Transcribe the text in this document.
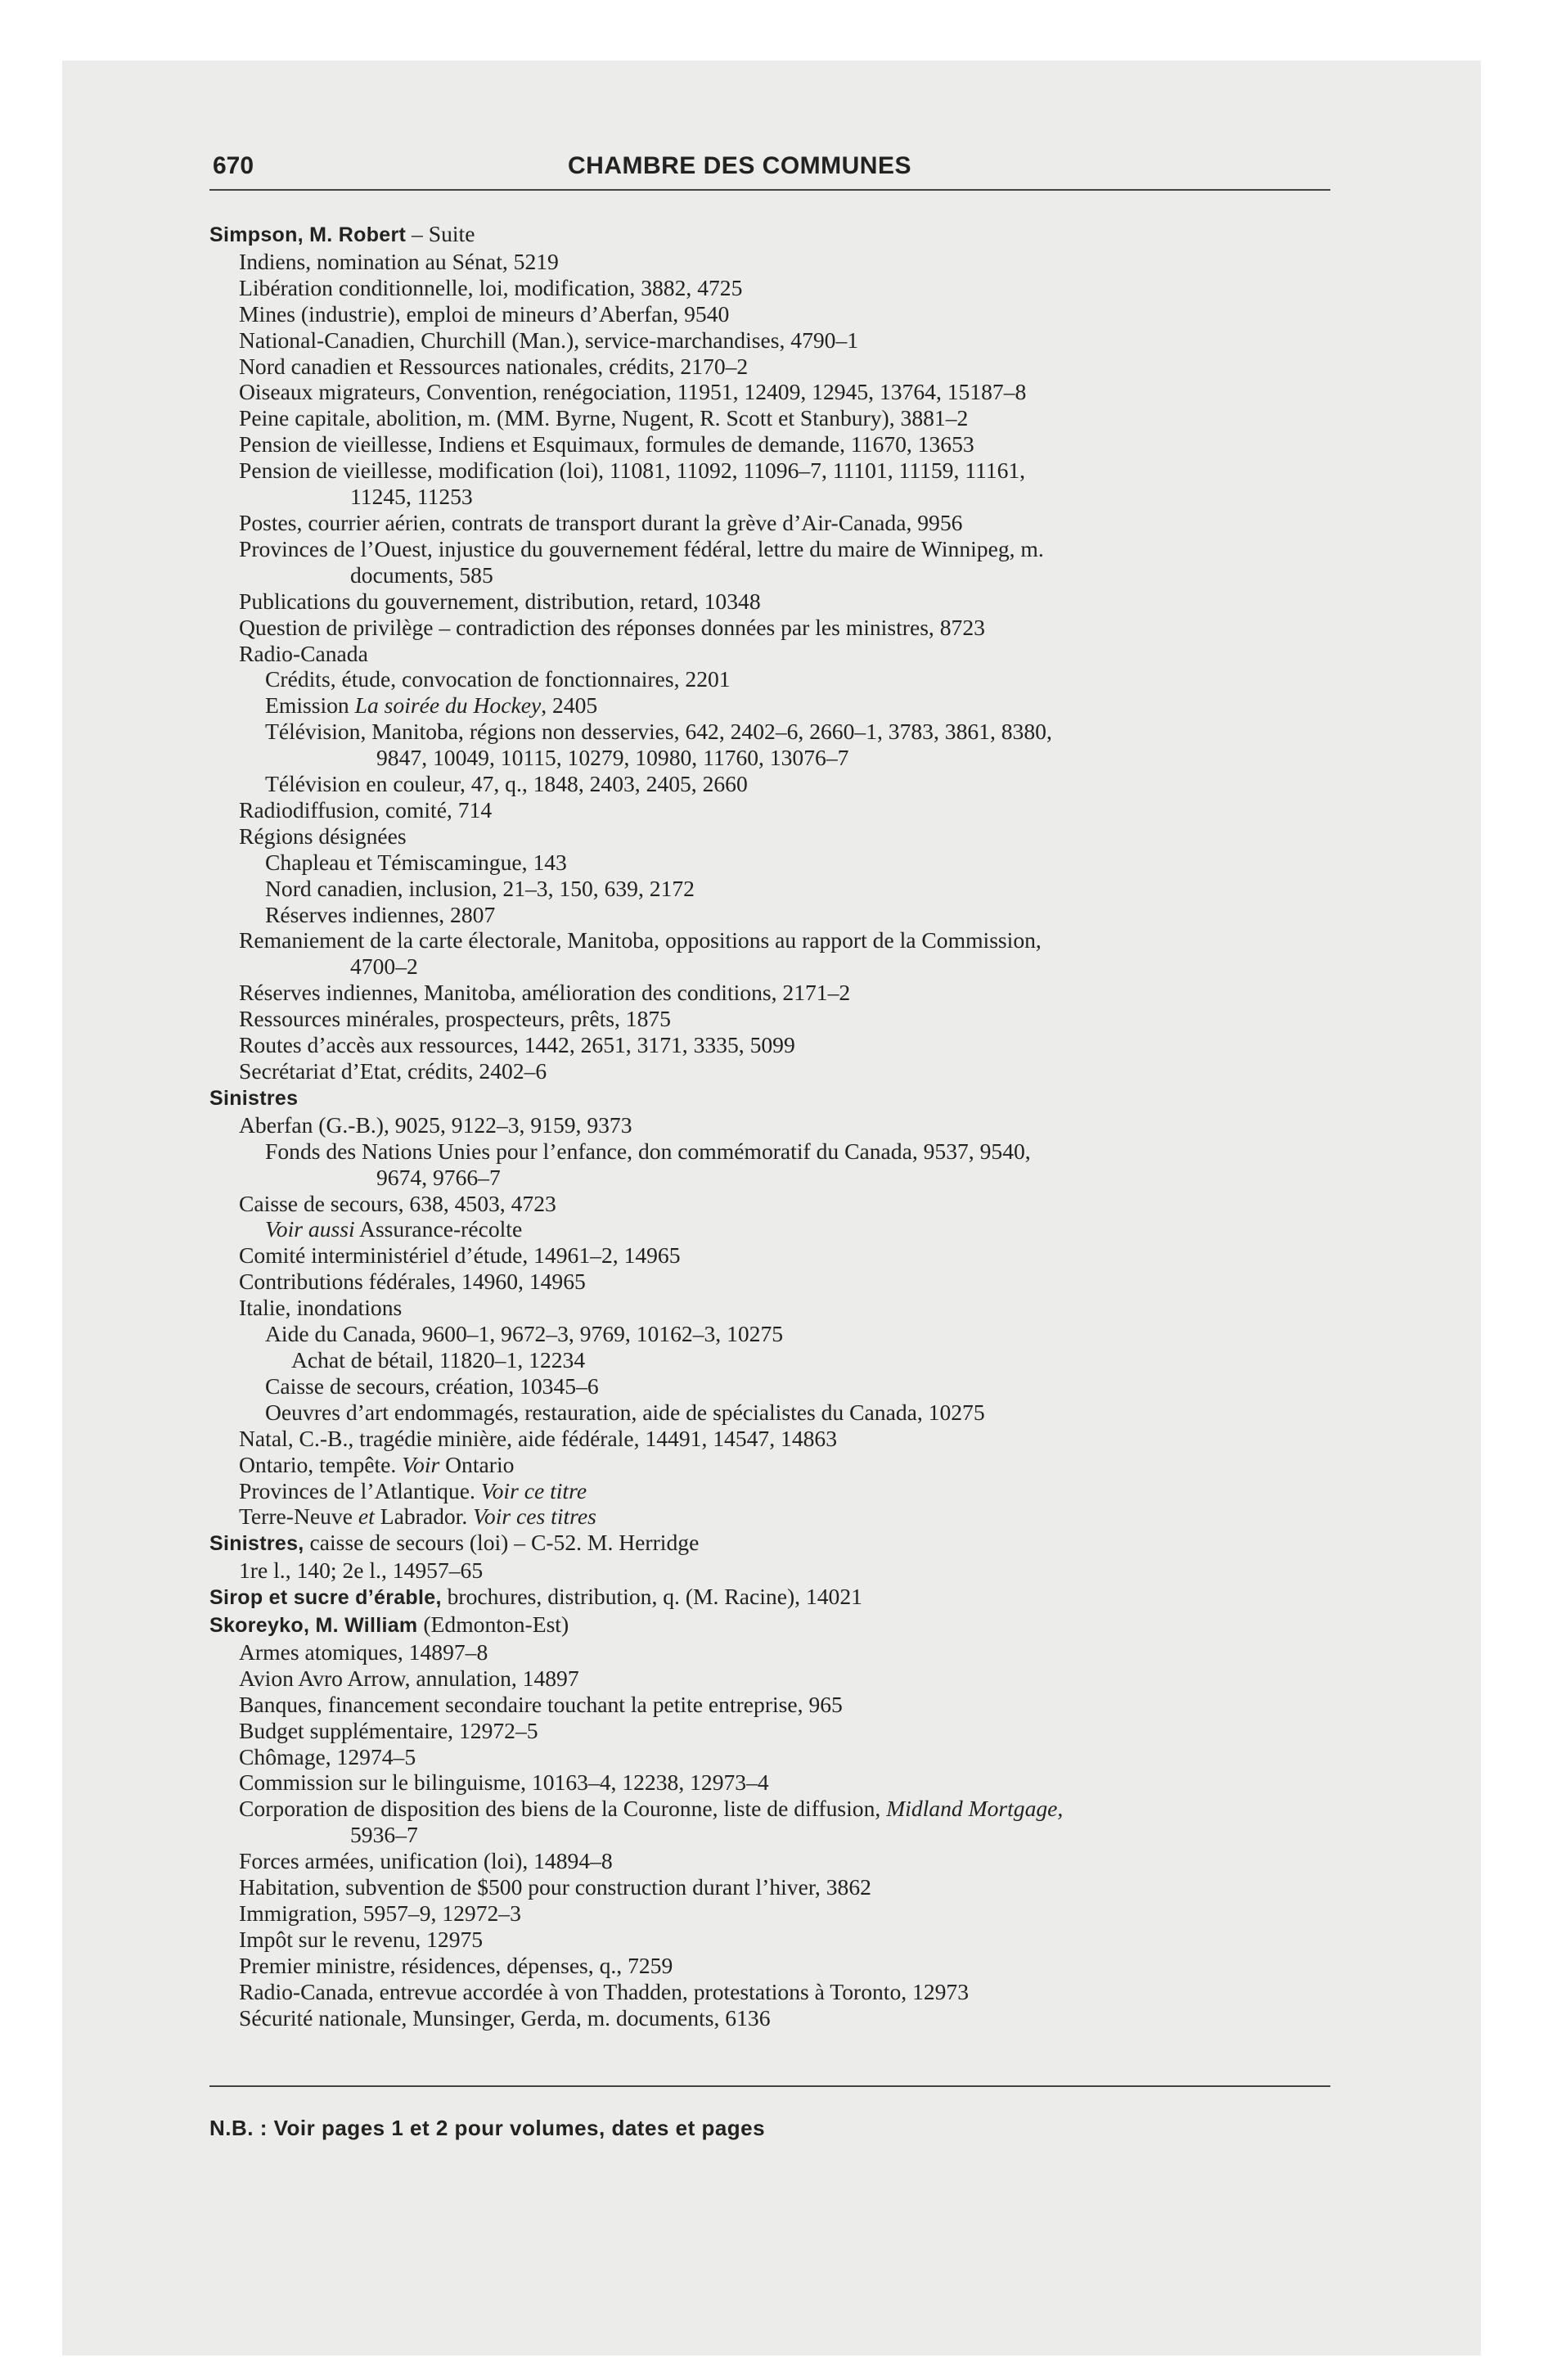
670	CHAMBRE DES COMMUNES
Simpson, M. Robert – Suite
Indiens, nomination au Sénat, 5219
Libération conditionnelle, loi, modification, 3882, 4725
Mines (industrie), emploi de mineurs d’Aberfan, 9540
National-Canadien, Churchill (Man.), service-marchandises, 4790–1
Nord canadien et Ressources nationales, crédits, 2170–2
Oiseaux migrateurs, Convention, renégociation, 11951, 12409, 12945, 13764, 15187–8
Peine capitale, abolition, m. (MM. Byrne, Nugent, R. Scott et Stanbury), 3881–2
Pension de vieillesse, Indiens et Esquimaux, formules de demande, 11670, 13653
Pension de vieillesse, modification (loi), 11081, 11092, 11096–7, 11101, 11159, 11161,
11245, 11253
Postes, courrier aérien, contrats de transport durant la grève d’Air-Canada, 9956
Provinces de l’Ouest, injustice du gouvernement fédéral, lettre du maire de Winnipeg, m.
documents, 585
Publications du gouvernement, distribution, retard, 10348
Question de privilège – contradiction des réponses données par les ministres, 8723
Radio-Canada
Crédits, étude, convocation de fonctionnaires, 2201
Emission La soirée du Hockey, 2405
Télévision, Manitoba, régions non desservies, 642, 2402–6, 2660–1, 3783, 3861, 8380,
9847, 10049, 10115, 10279, 10980, 11760, 13076–7
Télévision en couleur, 47, q., 1848, 2403, 2405, 2660
Radiodiffusion, comité, 714
Régions désignées
Chapleau et Témiscamingue, 143
Nord canadien, inclusion, 21–3, 150, 639, 2172
Réserves indiennes, 2807
Remaniement de la carte électorale, Manitoba, oppositions au rapport de la Commission,
4700–2
Réserves indiennes, Manitoba, amélioration des conditions, 2171–2
Ressources minérales, prospecteurs, prêts, 1875
Routes d’accès aux ressources, 1442, 2651, 3171, 3335, 5099
Secrétariat d’Etat, crédits, 2402–6
Sinistres
Aberfan (G.-B.), 9025, 9122–3, 9159, 9373
Fonds des Nations Unies pour l’enfance, don commémoratif du Canada, 9537, 9540,
9674, 9766–7
Caisse de secours, 638, 4503, 4723
Voir aussi Assurance-récolte
Comité interministériel d’étude, 14961–2, 14965
Contributions fédérales, 14960, 14965
Italie, inondations
Aide du Canada, 9600–1, 9672–3, 9769, 10162–3, 10275
Achat de bétail, 11820–1, 12234
Caisse de secours, création, 10345–6
Oeuvres d’art endommagés, restauration, aide de spécialistes du Canada, 10275
Natal, C.-B., tragédie minière, aide fédérale, 14491, 14547, 14863
Ontario, tempête. Voir Ontario
Provinces de l’Atlantique. Voir ce titre
Terre-Neuve et Labrador. Voir ces titres
Sinistres, caisse de secours (loi) – C-52. M. Herridge
1re l., 140; 2e l., 14957–65
Sirop et sucre d’érable, brochures, distribution, q. (M. Racine), 14021
Skoreyko, M. William (Edmonton-Est)
Armes atomiques, 14897–8
Avion Avro Arrow, annulation, 14897
Banques, financement secondaire touchant la petite entreprise, 965
Budget supplémentaire, 12972–5
Chômage, 12974–5
Commission sur le bilinguisme, 10163–4, 12238, 12973–4
Corporation de disposition des biens de la Couronne, liste de diffusion, Midland Mortgage,
5936–7
Forces armées, unification (loi), 14894–8
Habitation, subvention de $500 pour construction durant l’hiver, 3862
Immigration, 5957–9, 12972–3
Impôt sur le revenu, 12975
Premier ministre, résidences, dépenses, q., 7259
Radio-Canada, entrevue accordée à von Thadden, protestations à Toronto, 12973
Sécurité nationale, Munsinger, Gerda, m. documents, 6136
N.B. : Voir pages 1 et 2 pour volumes, dates et pages
